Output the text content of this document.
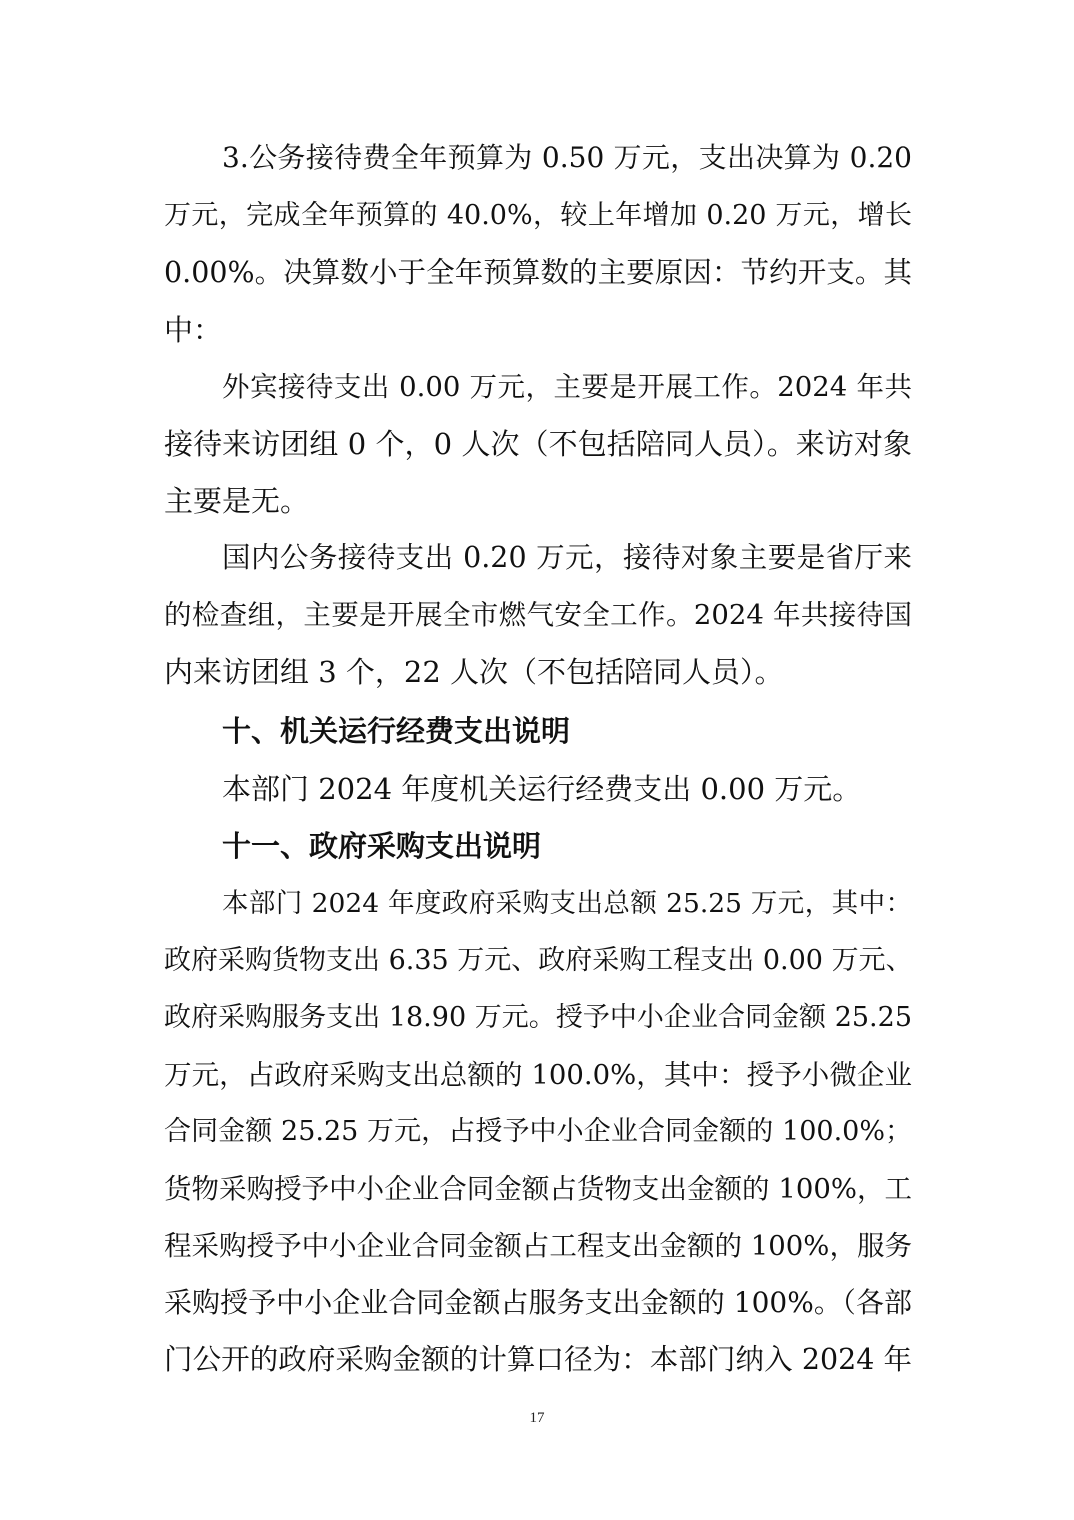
3.公务接待费全年预算为 0.50 万元，支出决算为 0.20
万元，完成全年预算的 40.0%，较上年增加 0.20 万元，增长
0.00%。决算数小于全年预算数的主要原因：节约开支。其
中：
外宾接待支出 0.00 万元，主要是开展工作。2024 年共
接待来访团组 0 个，0 人次（不包括陪同人员）。来访对象
主要是无。
国内公务接待支出 0.20 万元，接待对象主要是省厅来
的检查组，主要是开展全市燃气安全工作。2024 年共接待国
内来访团组 3 个，22 人次（不包括陪同人员）。
十、机关运行经费支出说明
本部门 2024 年度机关运行经费支出 0.00 万元。
十一、政府采购支出说明
本部门 2024 年度政府采购支出总额 25.25 万元，其中：
政府采购货物支出 6.35 万元、政府采购工程支出 0.00 万元、
政府采购服务支出 18.90 万元。授予中小企业合同金额 25.25
万元，占政府采购支出总额的 100.0%，其中：授予小微企业
合同金额 25.25 万元，占授予中小企业合同金额的 100.0%；
货物采购授予中小企业合同金额占货物支出金额的 100%，工
程采购授予中小企业合同金额占工程支出金额的 100%，服务
采购授予中小企业合同金额占服务支出金额的 100%。（各部
门公开的政府采购金额的计算口径为：本部门纳入 2024 年
17
